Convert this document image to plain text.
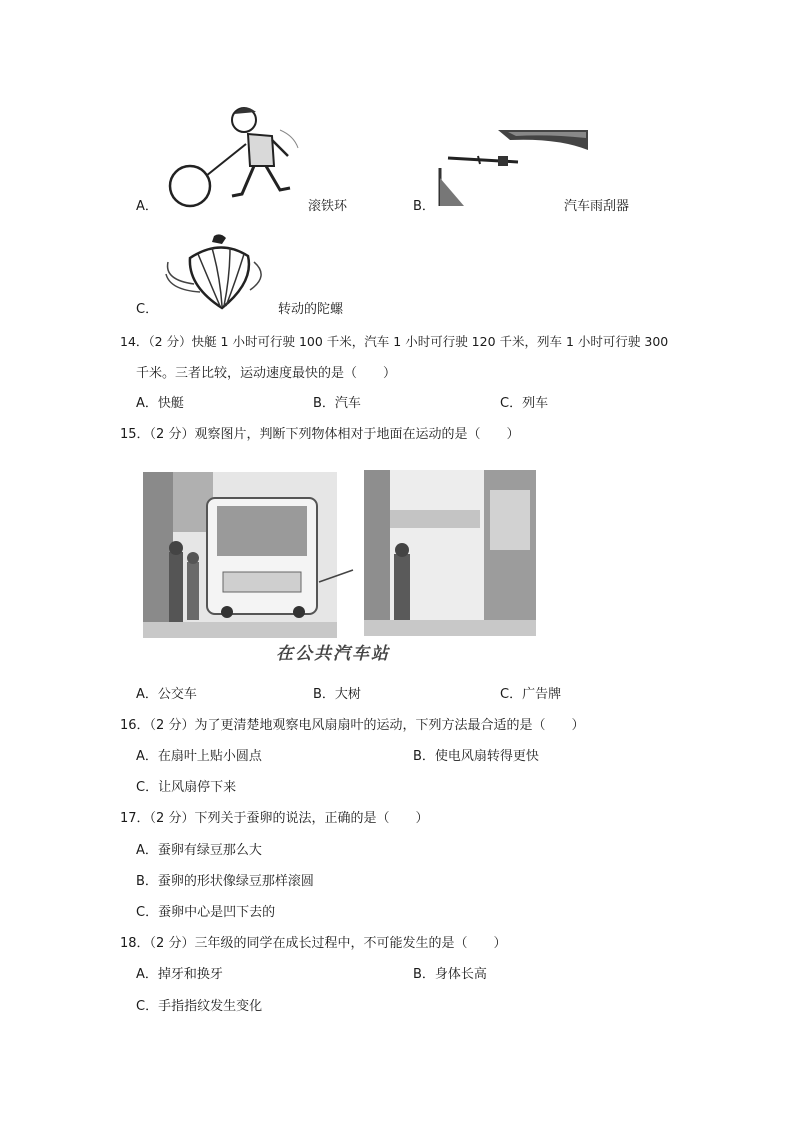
A．	滚铁环	B．	汽车雨刮器
C．	转动的陀螺
14．（2 分）快艇 1 小时可行驶 100 千米，汽车 1 小时可行驶 120 千米，列车 1 小时可行驶 300
千米。三者比较，运动速度最快的是（　　）
A．快艇	B．汽车	C．列车
15．（2 分）观察图片，判断下列物体相对于地面在运动的是（　　）
在公共汽车站
A．公交车	B．大树	C．广告牌
16．（2 分）为了更清楚地观察电风扇扇叶的运动，下列方法最合适的是（　　）
A．在扇叶上贴小圆点	B．使电风扇转得更快
C．让风扇停下来
17．（2 分）下列关于蚕卵的说法，正确的是（　　）
A．蚕卵有绿豆那么大
B．蚕卵的形状像绿豆那样滚圆
C．蚕卵中心是凹下去的
18．（2 分）三年级的同学在成长过程中，不可能发生的是（　　）
A．掉牙和换牙	B．身体长高
C．手指指纹发生变化
